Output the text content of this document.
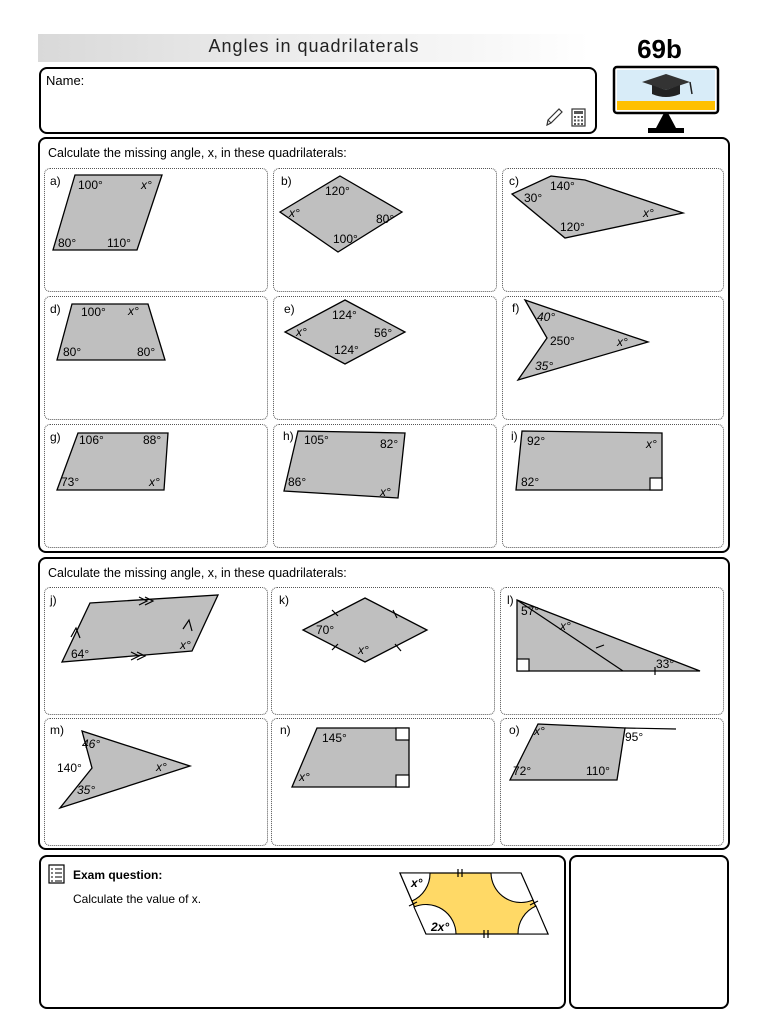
Angles in quadrilaterals	69b
Name:
Calculate the missing angle, x, in these quadrilaterals:
a) 100°	x°
80°	110°
b)
120°
x°	80°
100°
c)	140°
30°
x°
120°
d) 100° x°
80°	80°
e)	124°
x°	56°
124°
f)
40°
250°	x°
35°
g) 106°	88°
73°	x°
h) 105°	82°
86°
x°
i) 92°	x°
82°
Calculate the missing angle, x, in these quadrilaterals:
j)
64°
x°
k)
70°
x°
l)
57°
x°
33°
m)
46°
140°	x°
35°
n)
145°
x°
o) x°	95°
72°	110°
Exam question:
Calculate the value of x.
x°
2x°
